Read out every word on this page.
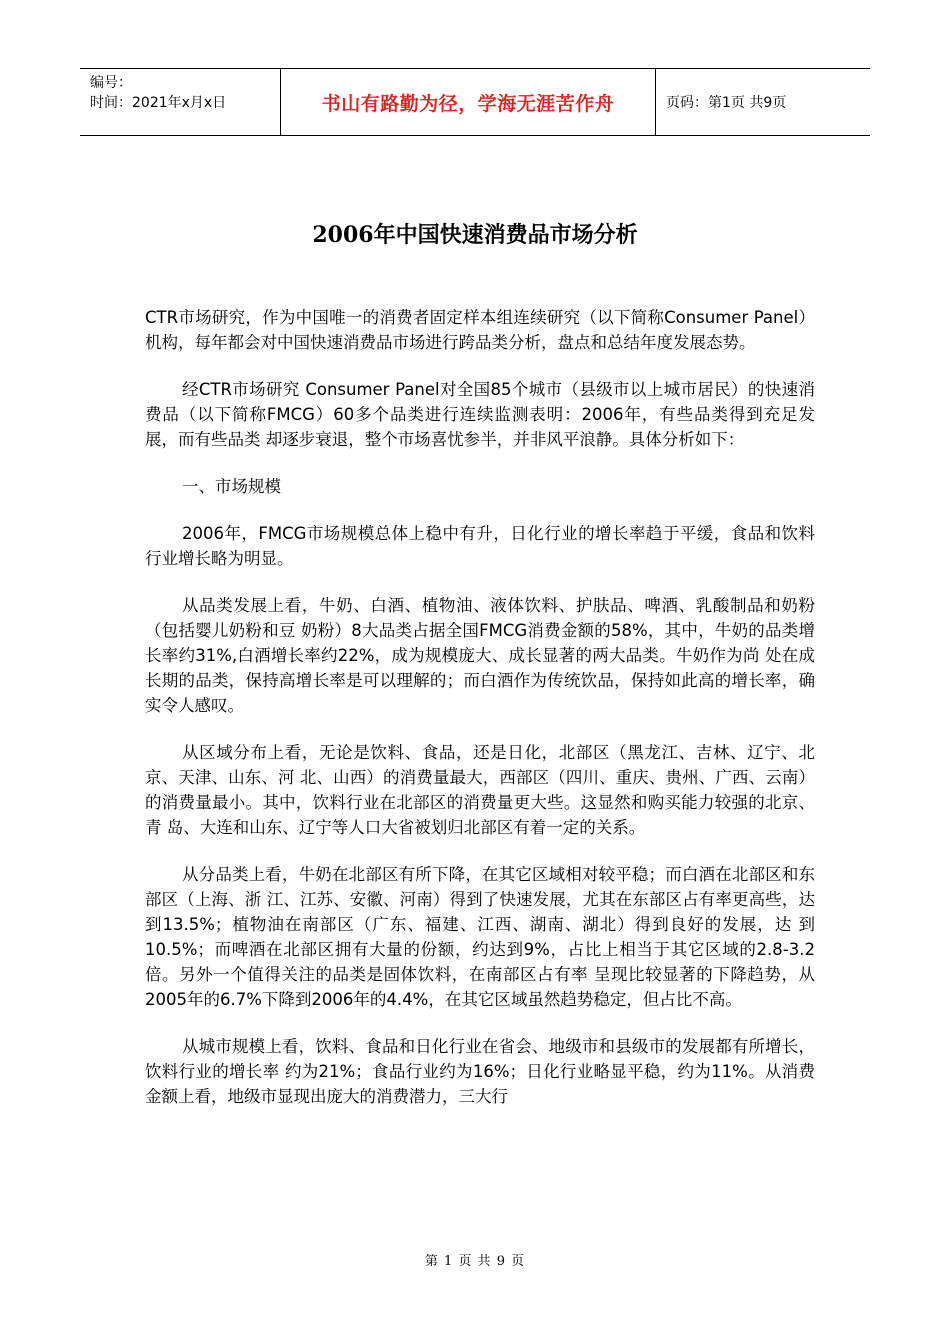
编号：
时间：2021年x月x日	书山有路勤为径，学海无涯苦作舟	页码：第1页 共9页
2006年中国快速消费品市场分析

CTR市场研究，作为中国唯一的消费者固定样本组连续研究（以下简称Consumer Panel）机构，每年都会对中国快速消费品市场进行跨品类分析，盘点和总结年度发展态势。

经CTR市场研究 Consumer Panel对全国85个城市（县级市以上城市居民）的快速消费品（以下简称FMCG）60多个品类进行连续监测表明：2006年，有些品类得到充足发展，而有些品类 却逐步衰退，整个市场喜忧参半，并非风平浪静。具体分析如下：

一、市场规模

2006年，FMCG市场规模总体上稳中有升，日化行业的增长率趋于平缓，食品和饮料行业增长略为明显。

从品类发展上看，牛奶、白酒、植物油、液体饮料、护肤品、啤酒、乳酸制品和奶粉（包括婴儿奶粉和豆 奶粉）8大品类占据全国FMCG消费金额的58%，其中，牛奶的品类增长率约31%,白酒增长率约22%，成为规模庞大、成长显著的两大品类。牛奶作为尚 处在成长期的品类，保持高增长率是可以理解的；而白酒作为传统饮品，保持如此高的增长率，确实令人感叹。

从区域分布上看，无论是饮料、食品，还是日化，北部区（黑龙江、吉林、辽宁、北京、天津、山东、河 北、山西）的消费量最大，西部区（四川、重庆、贵州、广西、云南）的消费量最小。其中，饮料行业在北部区的消费量更大些。这显然和购买能力较强的北京、青 岛、大连和山东、辽宁等人口大省被划归北部区有着一定的关系。

从分品类上看，牛奶在北部区有所下降，在其它区域相对较平稳；而白酒在北部区和东部区（上海、浙 江、江苏、安徽、河南）得到了快速发展，尤其在东部区占有率更高些，达到13.5%；植物油在南部区（广东、福建、江西、湖南、湖北）得到良好的发展，达 到10.5%；而啤酒在北部区拥有大量的份额，约达到9%，占比上相当于其它区域的2.8-3.2倍。另外一个值得关注的品类是固体饮料，在南部区占有率 呈现比较显著的下降趋势，从2005年的6.7%下降到2006年的4.4%，在其它区域虽然趋势稳定，但占比不高。

从城市规模上看，饮料、食品和日化行业在省会、地级市和县级市的发展都有所增长，饮料行业的增长率 约为21%；食品行业约为16%；日化行业略显平稳，约为11%。从消费金额上看，地级市显现出庞大的消费潜力，三大行

第 1 页 共 9 页
